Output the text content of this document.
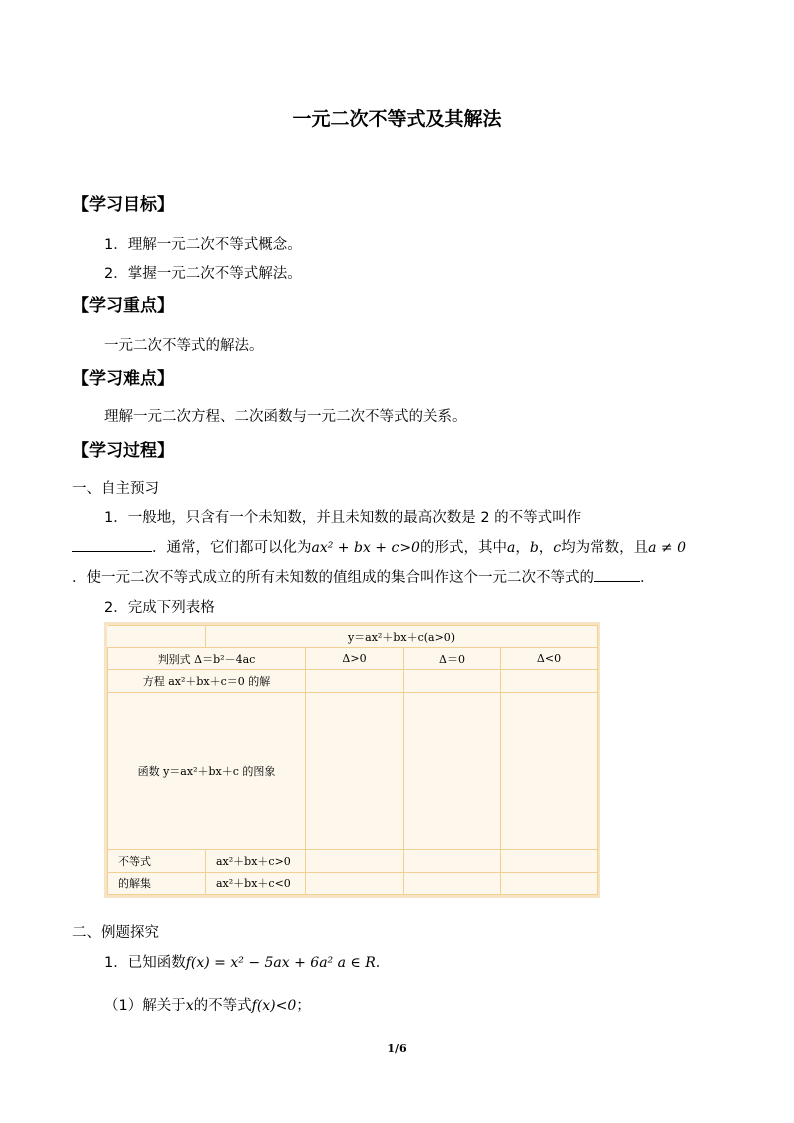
一元二次不等式及其解法
【学习目标】
1．理解一元二次不等式概念。
2．掌握一元二次不等式解法。
【学习重点】
一元二次不等式的解法。
【学习难点】
理解一元二次方程、二次函数与一元二次不等式的关系。
【学习过程】
一、自主预习
1．一般地，只含有一个未知数，并且未知数的最高次数是 2 的不等式叫作
．通常，它们都可以化为ax² + bx + c>0的形式，其中a，b，c均为常数，且a ≠ 0
．使一元二次不等式成立的所有未知数的值组成的集合叫作这个一元二次不等式的	．
2．完成下列表格
	y＝ax²＋bx＋c(a>0)			
判别式 Δ＝b²－4ac		Δ>0	Δ＝0	Δ<0
方程 ax²＋bx＋c＝0 的解				
函数 y＝ax²＋bx＋c 的图象				
不等式	ax²＋bx＋c>0			
的解集	ax²＋bx＋c<0			
二、例题探究
1．已知函数f(x) = x² − 5ax + 6a² a ∈ R．
（1）解关于x的不等式f(x)<0；
1/6
